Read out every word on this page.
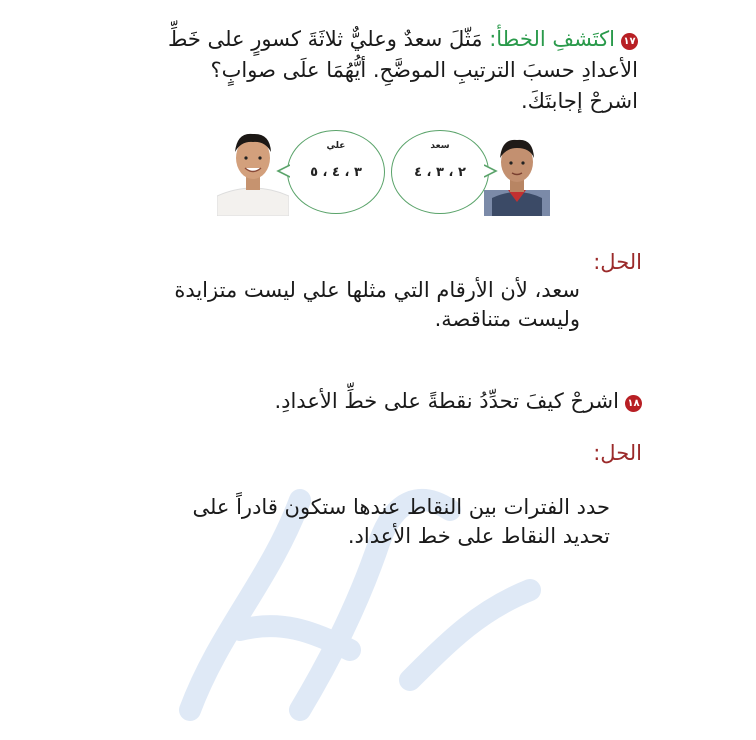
١٧اكتَشفِ الخطأ: مَثّلَ سعدٌ وعليٌّ ثلاثَةَ كسورٍ على خَطِّ
الأعدادِ حسبَ الترتيبِ الموضَّحِ. أيُّهُمَا علَى صوابٍ؟
اشرحْ إجابتَكَ.
سعد
٢ ، ٣ ، ٤
علي
٣ ، ٤ ، ٥
الحل:
سعد، لأن الأرقام التي مثلها علي ليست متزايدة
وليست متناقصة.
١٨اشرحْ كيفَ تحدِّدُ نقطةً على خطِّ الأعدادِ.
الحل:
حدد الفترات بين النقاط عندها ستكون قادراً على
تحديد النقاط على خط الأعداد.
